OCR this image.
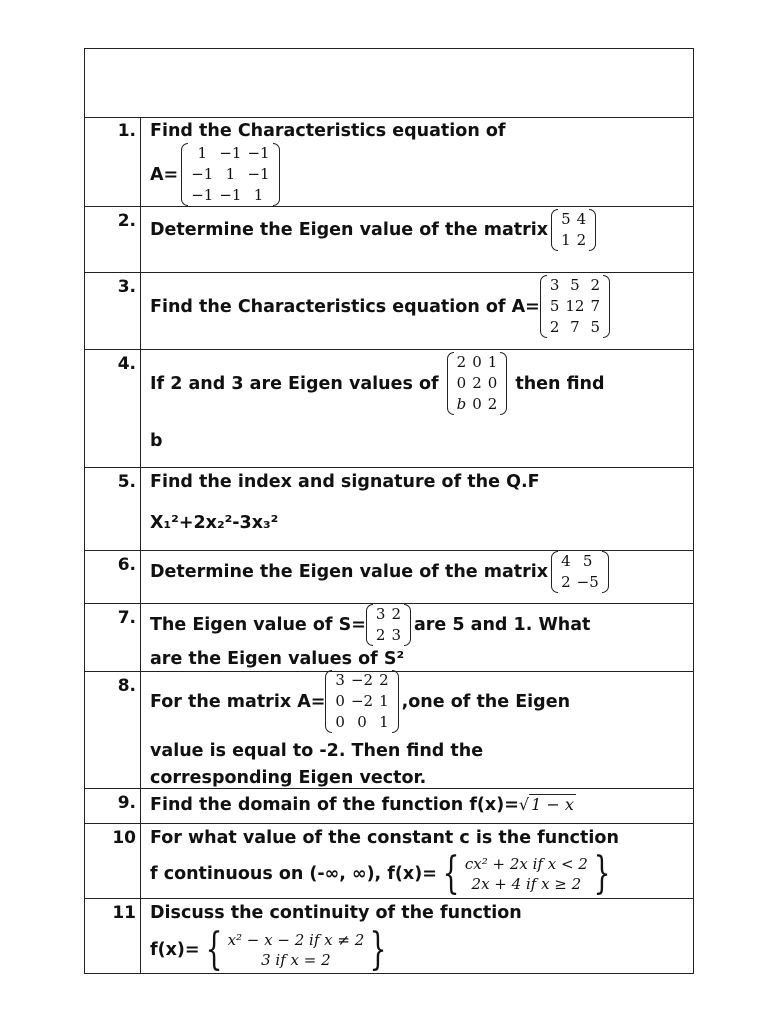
1. Find the Characteristics equation of
A=
1	−1	−1
−1	1	−1
−1	−1	1
2. Determine the Eigen value of the matrix
5	4
1	2
3.
Find the Characteristics equation of A=
3	5	2
5	12	7
2	7	5
4.
If 2 and 3 are Eigen values of
2	0	1
0	2	0
b	0	2
then find
b
5. Find the index and signature of the Q.F
X₁²+2x₂²-3x₃²
6. Determine the Eigen value of the matrix
4	5
2	−5
7. The Eigen value of S=
3	2
2	3 are 5 and 1. What
are the Eigen values of S²
8.
For the matrix A=
3	−2	2
0	−2	1
0	0	1
,one of the Eigen
value is equal to -2. Then find the
corresponding Eigen vector.
9. Find the domain of the function f(x)= √ 1 − x
10 For what value of the constant c is the function
f continuous on (-∞, ∞), f(x)= { cx² + 2x if x < 2
2x + 4 if x ≥ 2 }
11 Discuss the continuity of the function
f(x)= { x² − x − 2 if x ≠ 2
3 if x = 2 }
